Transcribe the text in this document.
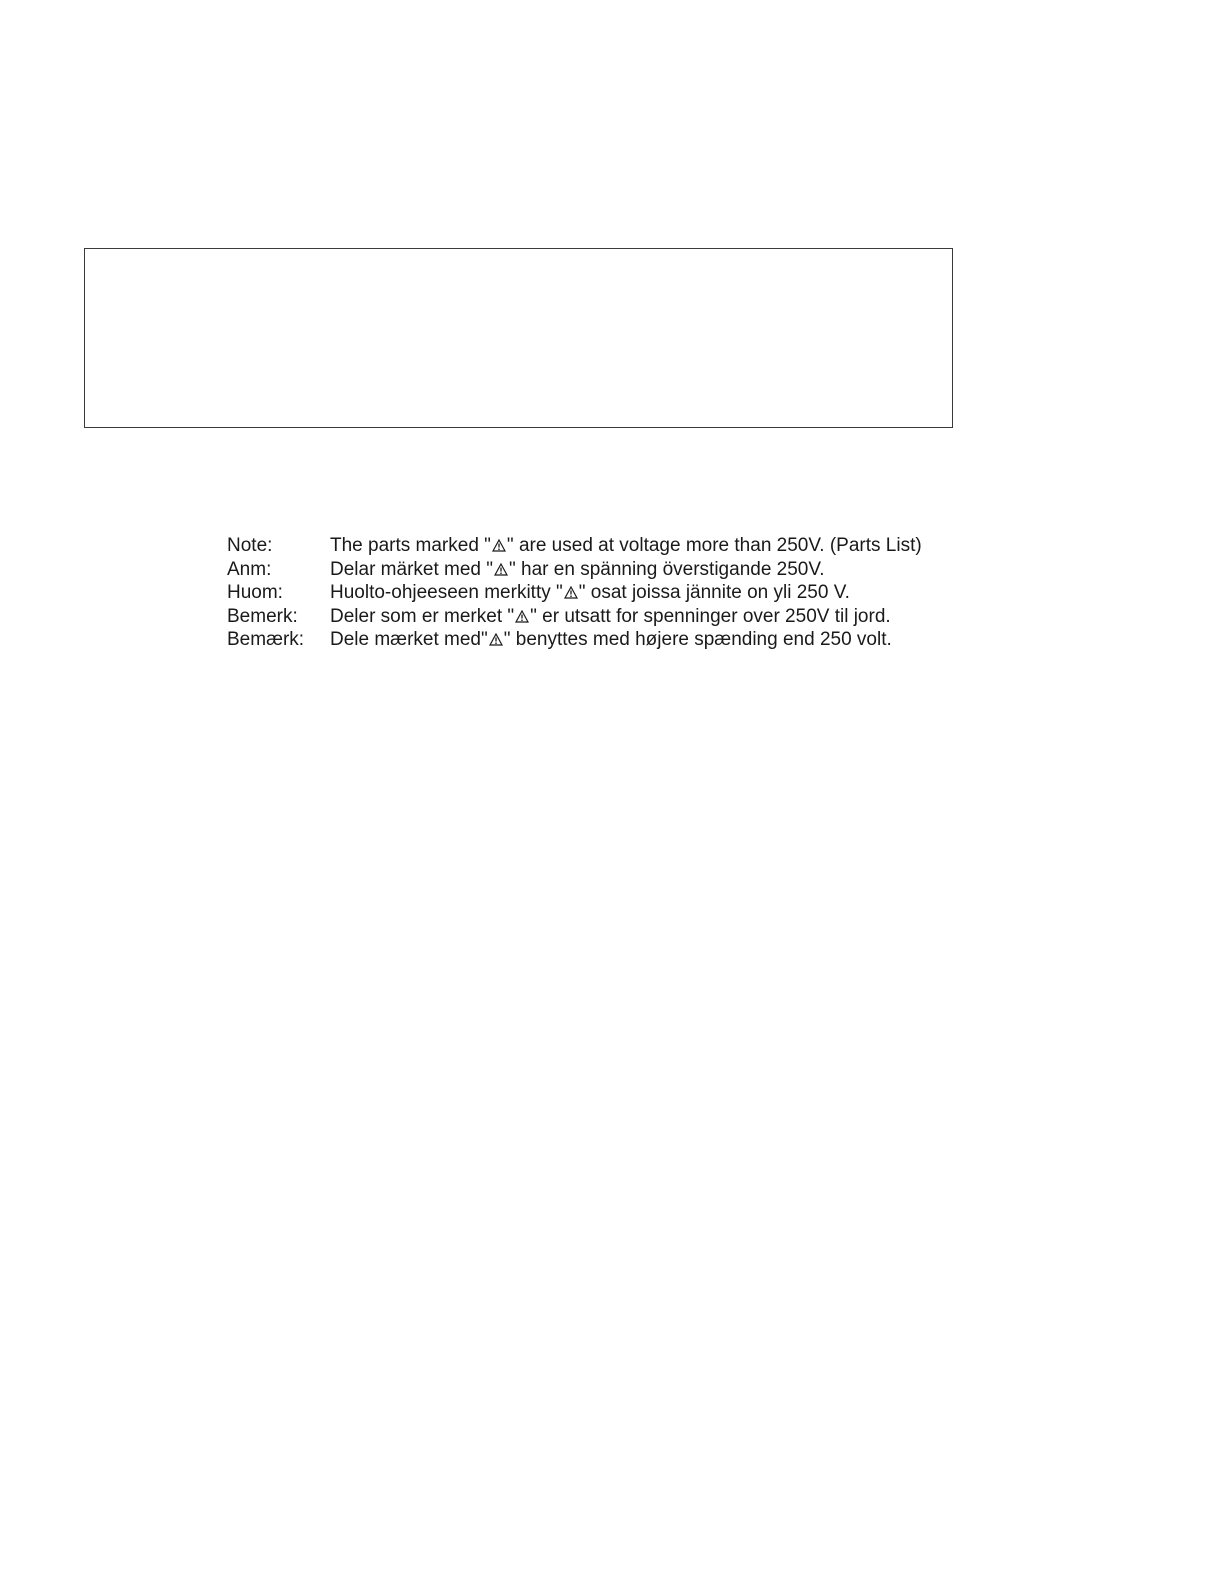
Note:	The parts marked " " are used at voltage more than 250V. (Parts List)
Anm:	Delar märket med " " har en spänning överstigande 250V.
Huom: Huolto-ohjeeseen merkitty " " osat joissa jännite on yli 250 V.
Bemerk: Deler som er merket " " er utsatt for spenninger over 250V til jord.
Bemærk: Dele mærket med" " benyttes med højere spænding end 250 volt.
